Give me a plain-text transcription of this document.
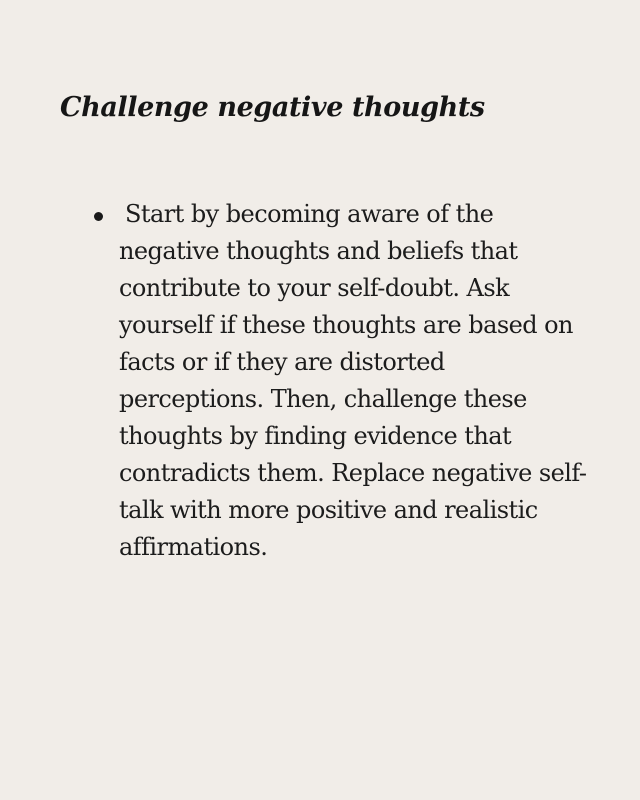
Challenge negative thoughts
Start by becoming aware of the negative thoughts and beliefs that contribute to your self-doubt. Ask yourself if these thoughts are based on facts or if they are distorted perceptions. Then, challenge these thoughts by finding evidence that contradicts them. Replace negative self-talk with more positive and realistic affirmations.
